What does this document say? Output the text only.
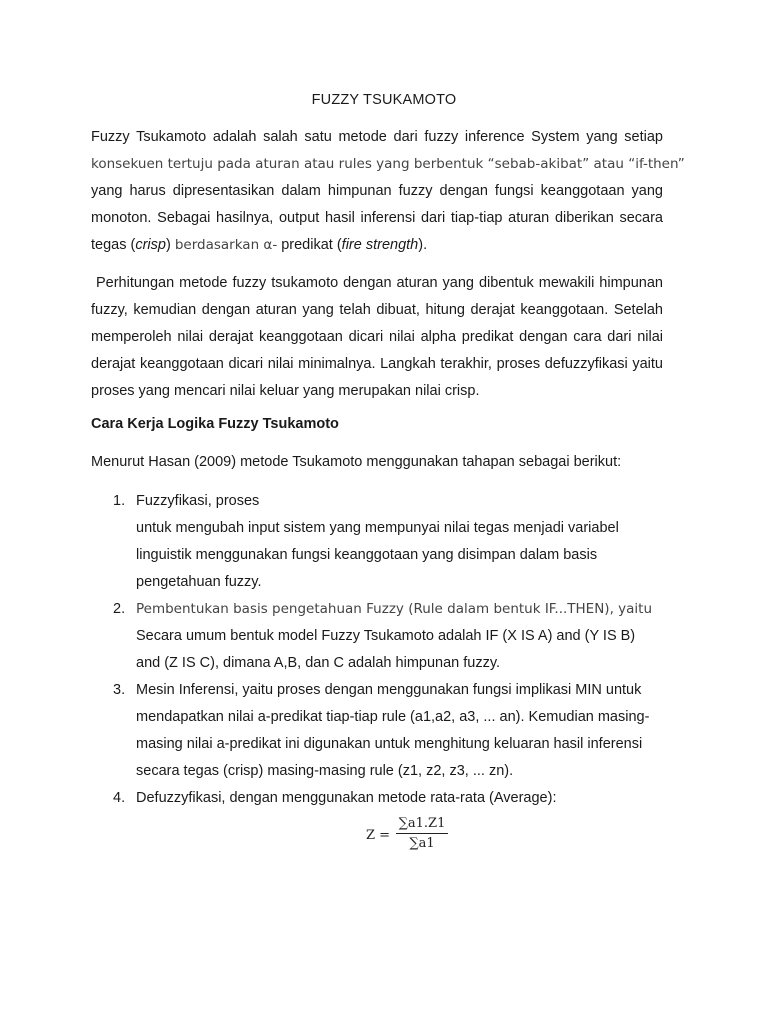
FUZZY TSUKAMOTO
Fuzzy Tsukamoto adalah salah satu metode dari fuzzy inference System yang setiap
konsekuen tertuju pada aturan atau rules yang berbentuk “sebab-akibat” atau “if-then”
yang harus dipresentasikan dalam himpunan fuzzy dengan fungsi keanggotaan yang
monoton. Sebagai hasilnya, output hasil inferensi dari tiap-tiap aturan diberikan secara
tegas (crisp) berdasarkan α- predikat (fire strength).
Perhitungan metode fuzzy tsukamoto dengan aturan yang dibentuk mewakili himpunan
fuzzy, kemudian dengan aturan yang telah dibuat, hitung derajat keanggotaan. Setelah
memperoleh nilai derajat keanggotaan dicari nilai alpha predikat dengan cara dari nilai
derajat keanggotaan dicari nilai minimalnya. Langkah terakhir, proses defuzzyfikasi yaitu
proses yang mencari nilai keluar yang merupakan nilai crisp.
Cara Kerja Logika Fuzzy Tsukamoto
Menurut Hasan (2009) metode Tsukamoto menggunakan tahapan sebagai berikut:
1. Fuzzyfikasi, proses
untuk mengubah input sistem yang mempunyai nilai tegas menjadi variabel
linguistik menggunakan fungsi keanggotaan yang disimpan dalam basis
pengetahuan fuzzy.
2. Pembentukan basis pengetahuan Fuzzy (Rule dalam bentuk IF...THEN), yaitu
Secara umum bentuk model Fuzzy Tsukamoto adalah IF (X IS A) and (Y IS B)
and (Z IS C), dimana A,B, dan C adalah himpunan fuzzy.
3. Mesin Inferensi, yaitu proses dengan menggunakan fungsi implikasi MIN untuk
mendapatkan nilai a-predikat tiap-tiap rule (a1,a2, a3, ... an). Kemudian masing-
masing nilai a-predikat ini digunakan untuk menghitung keluaran hasil inferensi
secara tegas (crisp) masing-masing rule (z1, z2, z3, ... zn).
4. Defuzzyfikasi, dengan menggunakan metode rata-rata (Average):
Z =
∑a1.Z1
∑a1
